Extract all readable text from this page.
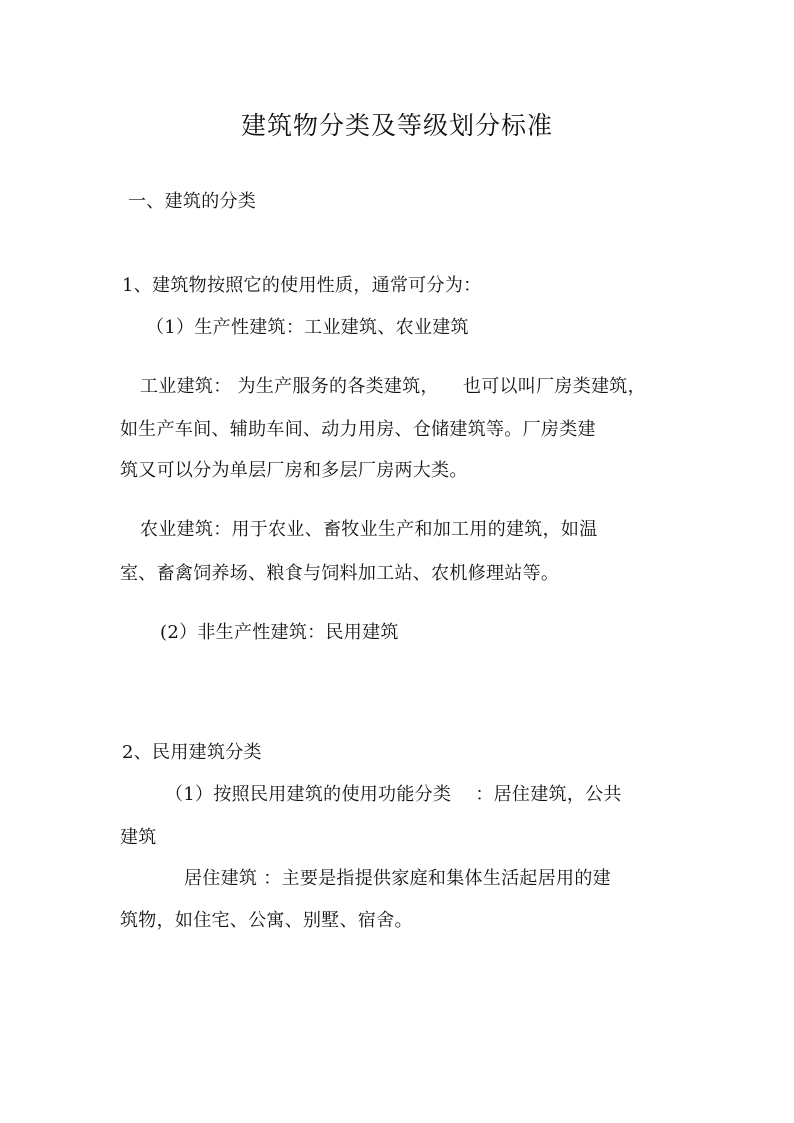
建筑物分类及等级划分标准
一、建筑的分类
1、建筑物按照它的使用性质，通常可分为：
（1）生产性建筑：工业建筑、农业建筑
工业建筑： 为生产服务的各类建筑，    也可以叫厂房类建筑，
如生产车间、辅助车间、动力用房、仓储建筑等。厂房类建
筑又可以分为单层厂房和多层厂房两大类。
农业建筑：用于农业、畜牧业生产和加工用的建筑，如温
室、畜禽饲养场、粮食与饲料加工站、农机修理站等。
(2）非生产性建筑：民用建筑
2、民用建筑分类
（1）按照民用建筑的使用功能分类    ：居住建筑，公共
建筑
居住建筑 ：主要是指提供家庭和集体生活起居用的建
筑物，如住宅、公寓、别墅、宿舍。
